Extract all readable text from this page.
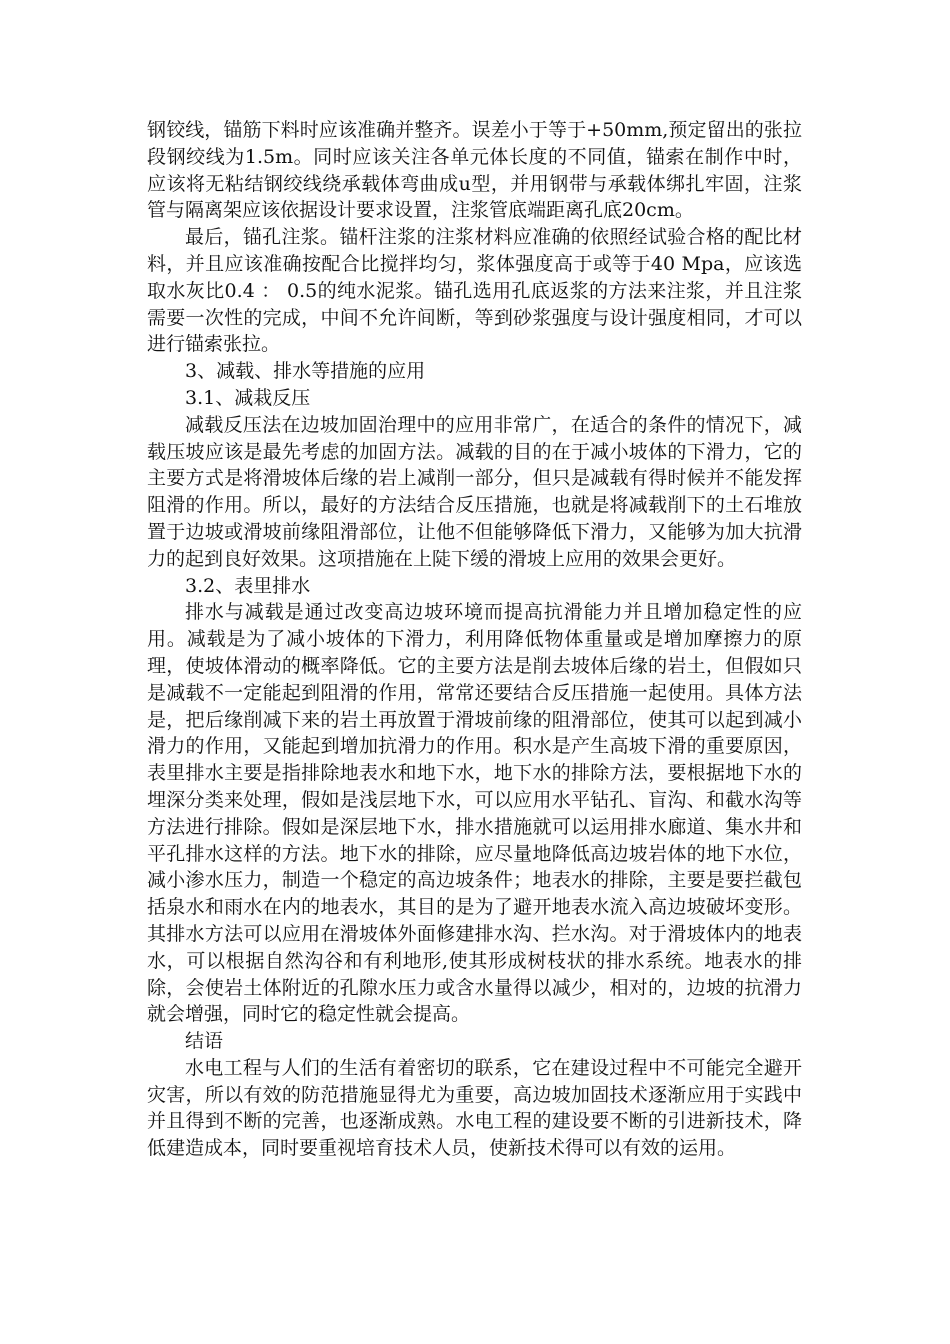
钢铰线，锚筋下料时应该准确并整齐。误差小于等于+50mm,预定留出的张拉段钢绞线为1.5m。同时应该关注各单元体长度的不同值，锚索在制作中时，应该将无粘结钢绞线绕承载体弯曲成u型，并用钢带与承载体绑扎牢固，注浆管与隔离架应该依据设计要求设置，注浆管底端距离孔底20cm。

最后，锚孔注浆。锚杆注浆的注浆材料应准确的依照经试验合格的配比材料，并且应该准确按配合比搅拌均匀，浆体强度高于或等于40 Mpa，应该选取水灰比0.4 ： 0.5的纯水泥浆。锚孔选用孔底返浆的方法来注浆，并且注浆需要一次性的完成，中间不允许间断，等到砂浆强度与设计强度相同，才可以进行锚索张拉。

3、减载、排水等措施的应用

3.1、减栽反压

减载反压法在边坡加固治理中的应用非常广，在适合的条件的情况下，减载压坡应该是最先考虑的加固方法。减载的目的在于减小坡体的下滑力，它的主要方式是将滑坡体后缘的岩上减削一部分，但只是减载有得时候并不能发挥阻滑的作用。所以，最好的方法结合反压措施，也就是将减载削下的土石堆放置于边坡或滑坡前缘阻滑部位，让他不但能够降低下滑力，又能够为加大抗滑力的起到良好效果。这项措施在上陡下缓的滑坡上应用的效果会更好。

3.2、表里排水

排水与减载是通过改变高边坡环境而提高抗滑能力并且增加稳定性的应用。减载是为了减小坡体的下滑力，利用降低物体重量或是增加摩擦力的原理，使坡体滑动的概率降低。它的主要方法是削去坡体后缘的岩土，但假如只是减载不一定能起到阻滑的作用，常常还要结合反压措施一起使用。具体方法是，把后缘削减下来的岩土再放置于滑坡前缘的阻滑部位，使其可以起到减小滑力的作用，又能起到增加抗滑力的作用。积水是产生高坡下滑的重要原因，表里排水主要是指排除地表水和地下水，地下水的排除方法，要根据地下水的埋深分类来处理，假如是浅层地下水，可以应用水平钻孔、盲沟、和截水沟等方法进行排除。假如是深层地下水，排水措施就可以运用排水廊道、集水井和平孔排水这样的方法。地下水的排除，应尽量地降低高边坡岩体的地下水位，减小渗水压力，制造一个稳定的高边坡条件；地表水的排除，主要是要拦截包括泉水和雨水在内的地表水，其目的是为了避开地表水流入高边坡破坏变形。其排水方法可以应用在滑坡体外面修建排水沟、拦水沟。对于滑坡体内的地表水，可以根据自然沟谷和有利地形,使其形成树枝状的排水系统。地表水的排除，会使岩土体附近的孔隙水压力或含水量得以减少，相对的，边坡的抗滑力就会增强，同时它的稳定性就会提高。

结语

水电工程与人们的生活有着密切的联系，它在建设过程中不可能完全避开灾害，所以有效的防范措施显得尤为重要，高边坡加固技术逐渐应用于实践中并且得到不断的完善，也逐渐成熟。水电工程的建设要不断的引进新技术，降低建造成本，同时要重视培育技术人员，使新技术得可以有效的运用。
